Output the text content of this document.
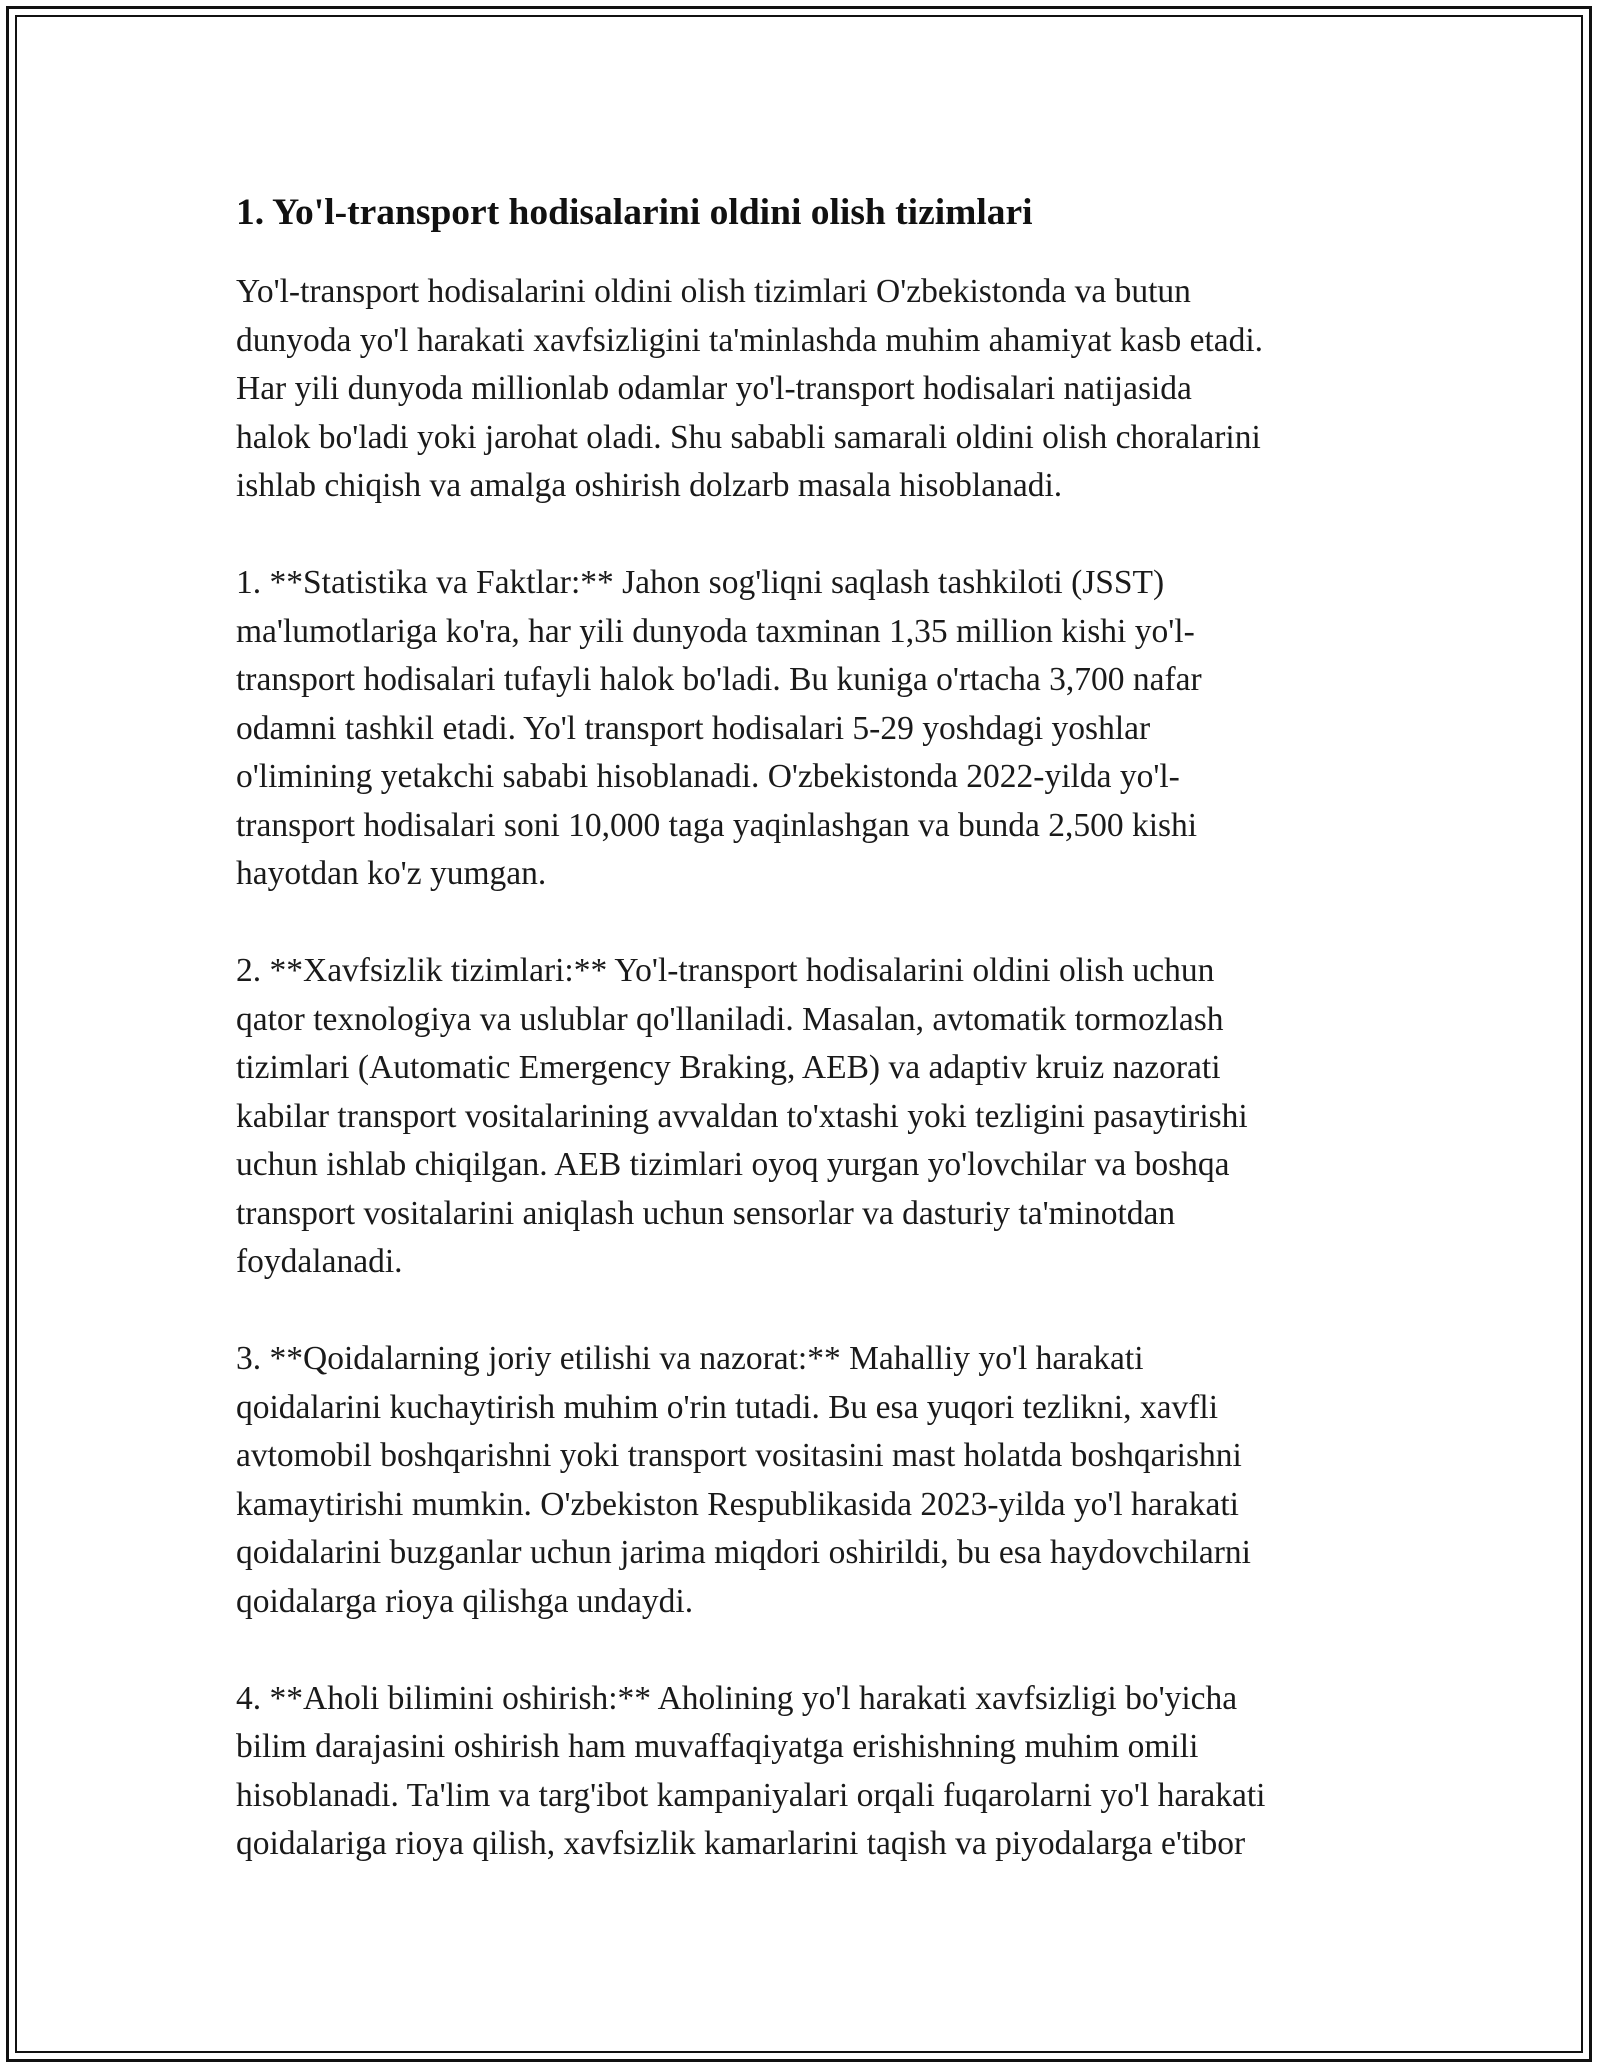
1. Yo'l-transport hodisalarini oldini olish tizimlari
Yo'l-transport hodisalarini oldini olish tizimlari O'zbekistonda va butun
dunyoda yo'l harakati xavfsizligini ta'minlashda muhim ahamiyat kasb etadi.
Har yili dunyoda millionlab odamlar yo'l-transport hodisalari natijasida
halok bo'ladi yoki jarohat oladi. Shu sababli samarali oldini olish choralarini
ishlab chiqish va amalga oshirish dolzarb masala hisoblanadi.
1. **Statistika va Faktlar:** Jahon sog'liqni saqlash tashkiloti (JSST)
ma'lumotlariga ko'ra, har yili dunyoda taxminan 1,35 million kishi yo'l-
transport hodisalari tufayli halok bo'ladi. Bu kuniga o'rtacha 3,700 nafar
odamni tashkil etadi. Yo'l transport hodisalari 5-29 yoshdagi yoshlar
o'limining yetakchi sababi hisoblanadi. O'zbekistonda 2022-yilda yo'l-
transport hodisalari soni 10,000 taga yaqinlashgan va bunda 2,500 kishi
hayotdan ko'z yumgan.
2. **Xavfsizlik tizimlari:** Yo'l-transport hodisalarini oldini olish uchun
qator texnologiya va uslublar qo'llaniladi. Masalan, avtomatik tormozlash
tizimlari (Automatic Emergency Braking, AEB) va adaptiv kruiz nazorati
kabilar transport vositalarining avvaldan to'xtashi yoki tezligini pasaytirishi
uchun ishlab chiqilgan. AEB tizimlari oyoq yurgan yo'lovchilar va boshqa
transport vositalarini aniqlash uchun sensorlar va dasturiy ta'minotdan
foydalanadi.
3. **Qoidalarning joriy etilishi va nazorat:** Mahalliy yo'l harakati
qoidalarini kuchaytirish muhim o'rin tutadi. Bu esa yuqori tezlikni, xavfli
avtomobil boshqarishni yoki transport vositasini mast holatda boshqarishni
kamaytirishi mumkin. O'zbekiston Respublikasida 2023-yilda yo'l harakati
qoidalarini buzganlar uchun jarima miqdori oshirildi, bu esa haydovchilarni
qoidalarga rioya qilishga undaydi.
4. **Aholi bilimini oshirish:** Aholining yo'l harakati xavfsizligi bo'yicha
bilim darajasini oshirish ham muvaffaqiyatga erishishning muhim omili
hisoblanadi. Ta'lim va targ'ibot kampaniyalari orqali fuqarolarni yo'l harakati
qoidalariga rioya qilish, xavfsizlik kamarlarini taqish va piyodalarga e'tibor
